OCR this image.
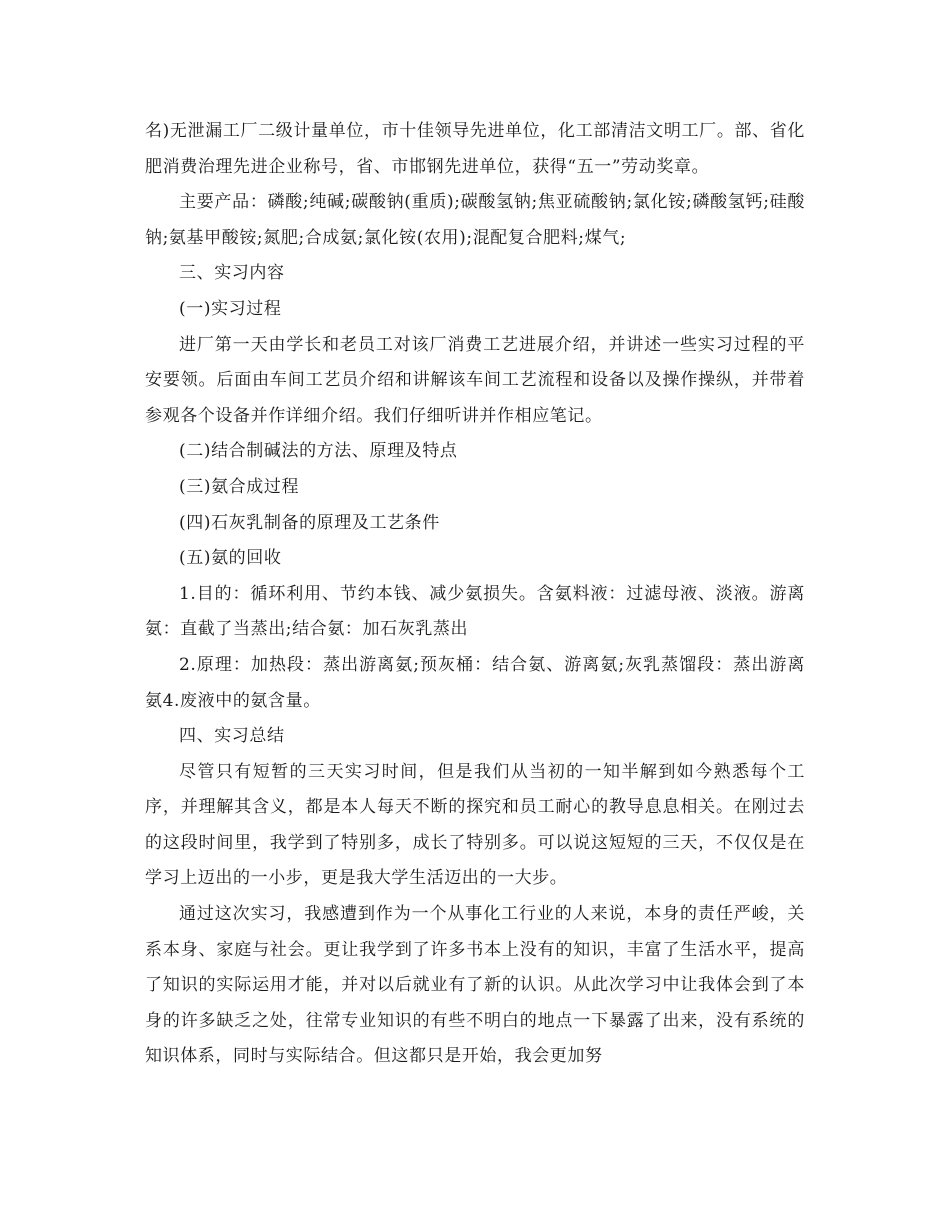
名)无泄漏工厂二级计量单位，市十佳领导先进单位，化工部清洁文明工厂。部、省化肥消费治理先进企业称号，省、市邯钢先进单位，获得“五一”劳动奖章。

主要产品：磷酸;纯碱;碳酸钠(重质);碳酸氢钠;焦亚硫酸钠;氯化铵;磷酸氢钙;硅酸钠;氨基甲酸铵;氮肥;合成氨;氯化铵(农用);混配复合肥料;煤气;

三、实习内容

(一)实习过程

进厂第一天由学长和老员工对该厂消费工艺进展介绍，并讲述一些实习过程的平安要领。后面由车间工艺员介绍和讲解该车间工艺流程和设备以及操作操纵，并带着参观各个设备并作详细介绍。我们仔细听讲并作相应笔记。

(二)结合制碱法的方法、原理及特点

(三)氨合成过程

(四)石灰乳制备的原理及工艺条件

(五)氨的回收

1.目的：循环利用、节约本钱、减少氨损失。含氨料液：过滤母液、淡液。游离氨：直截了当蒸出;结合氨：加石灰乳蒸出

2.原理：加热段：蒸出游离氨;预灰桶：结合氨、游离氨;灰乳蒸馏段：蒸出游离氨4.废液中的氨含量。

四、实习总结

尽管只有短暂的三天实习时间，但是我们从当初的一知半解到如今熟悉每个工序，并理解其含义，都是本人每天不断的探究和员工耐心的教导息息相关。在刚过去的这段时间里，我学到了特别多，成长了特别多。可以说这短短的三天，不仅仅是在学习上迈出的一小步，更是我大学生活迈出的一大步。

通过这次实习，我感遭到作为一个从事化工行业的人来说，本身的责任严峻，关系本身、家庭与社会。更让我学到了许多书本上没有的知识，丰富了生活水平，提高了知识的实际运用才能，并对以后就业有了新的认识。从此次学习中让我体会到了本身的许多缺乏之处，往常专业知识的有些不明白的地点一下暴露了出来，没有系统的知识体系，同时与实际结合。但这都只是开始，我会更加努
